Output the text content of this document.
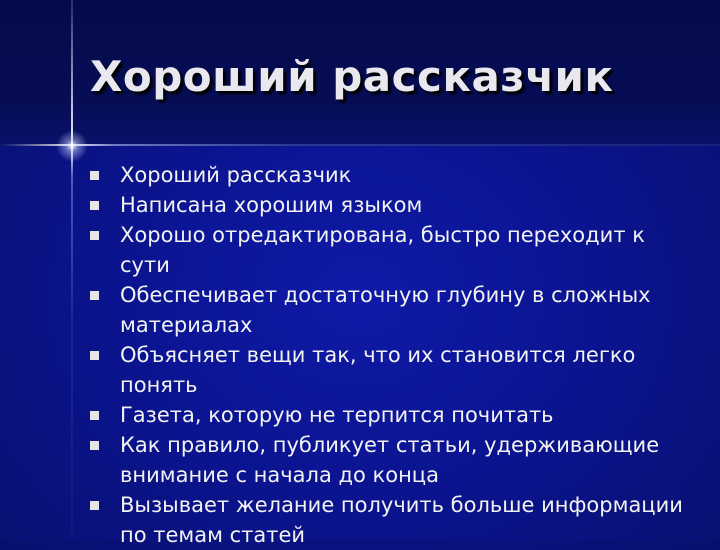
Хороший рассказчик
Хороший рассказчик
Написана хорошим языком
Хорошо отредактирована, быстро переходит к сути
Обеспечивает достаточную глубину в сложных материалах
Объясняет вещи так, что их становится легко понять
Газета, которую не терпится почитать
Как правило, публикует статьи, удерживающие внимание с начала до конца
Вызывает желание получить больше информации по темам статей
